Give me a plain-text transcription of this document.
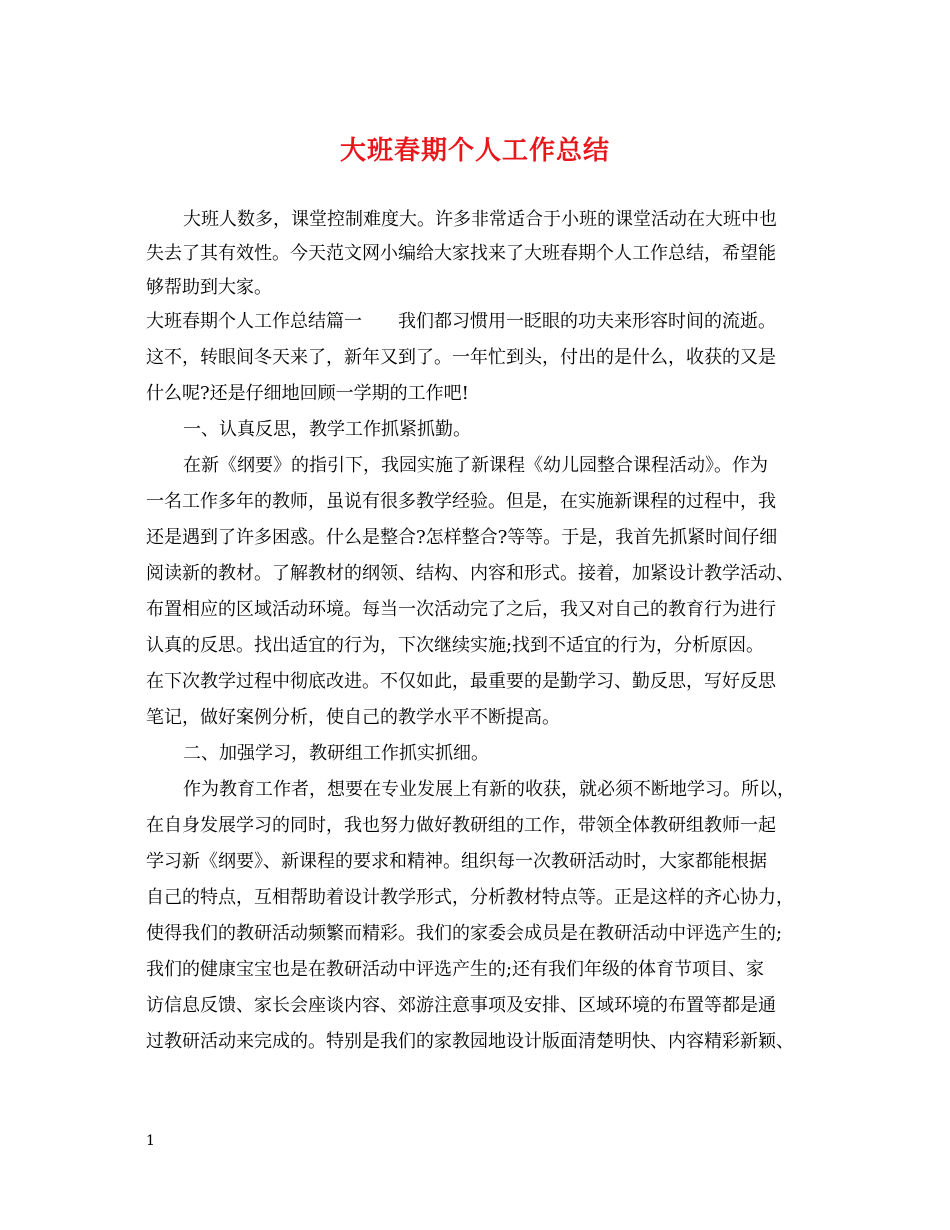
大班春期个人工作总结
大班人数多，课堂控制难度大。许多非常适合于小班的课堂活动在大班中也
失去了其有效性。今天范文网小编给大家找来了大班春期个人工作总结，希望能
够帮助到大家。
大班春期个人工作总结篇一 我们都习惯用一眨眼的功夫来形容时间的流逝。
这不，转眼间冬天来了，新年又到了。一年忙到头，付出的是什么，收获的又是
什么呢?还是仔细地回顾一学期的工作吧!
一、认真反思，教学工作抓紧抓勤。
在新《纲要》的指引下，我园实施了新课程《幼儿园整合课程活动》。作为
一名工作多年的教师，虽说有很多教学经验。但是，在实施新课程的过程中，我
还是遇到了许多困惑。什么是整合?怎样整合?等等。于是，我首先抓紧时间仔细
阅读新的教材。了解教材的纲领、结构、内容和形式。接着，加紧设计教学活动、
布置相应的区域活动环境。每当一次活动完了之后，我又对自己的教育行为进行
认真的反思。找出适宜的行为，下次继续实施;找到不适宜的行为，分析原因。
在下次教学过程中彻底改进。不仅如此，最重要的是勤学习、勤反思，写好反思
笔记，做好案例分析，使自己的教学水平不断提高。
二、加强学习，教研组工作抓实抓细。
作为教育工作者，想要在专业发展上有新的收获，就必须不断地学习。所以，
在自身发展学习的同时，我也努力做好教研组的工作，带领全体教研组教师一起
学习新《纲要》、新课程的要求和精神。组织每一次教研活动时，大家都能根据
自己的特点，互相帮助着设计教学形式，分析教材特点等。正是这样的齐心协力，
使得我们的教研活动频繁而精彩。我们的家委会成员是在教研活动中评选产生的;
我们的健康宝宝也是在教研活动中评选产生的;还有我们年级的体育节项目、家
访信息反馈、家长会座谈内容、郊游注意事项及安排、区域环境的布置等都是通
过教研活动来完成的。特别是我们的家教园地设计版面清楚明快、内容精彩新颖、
1
